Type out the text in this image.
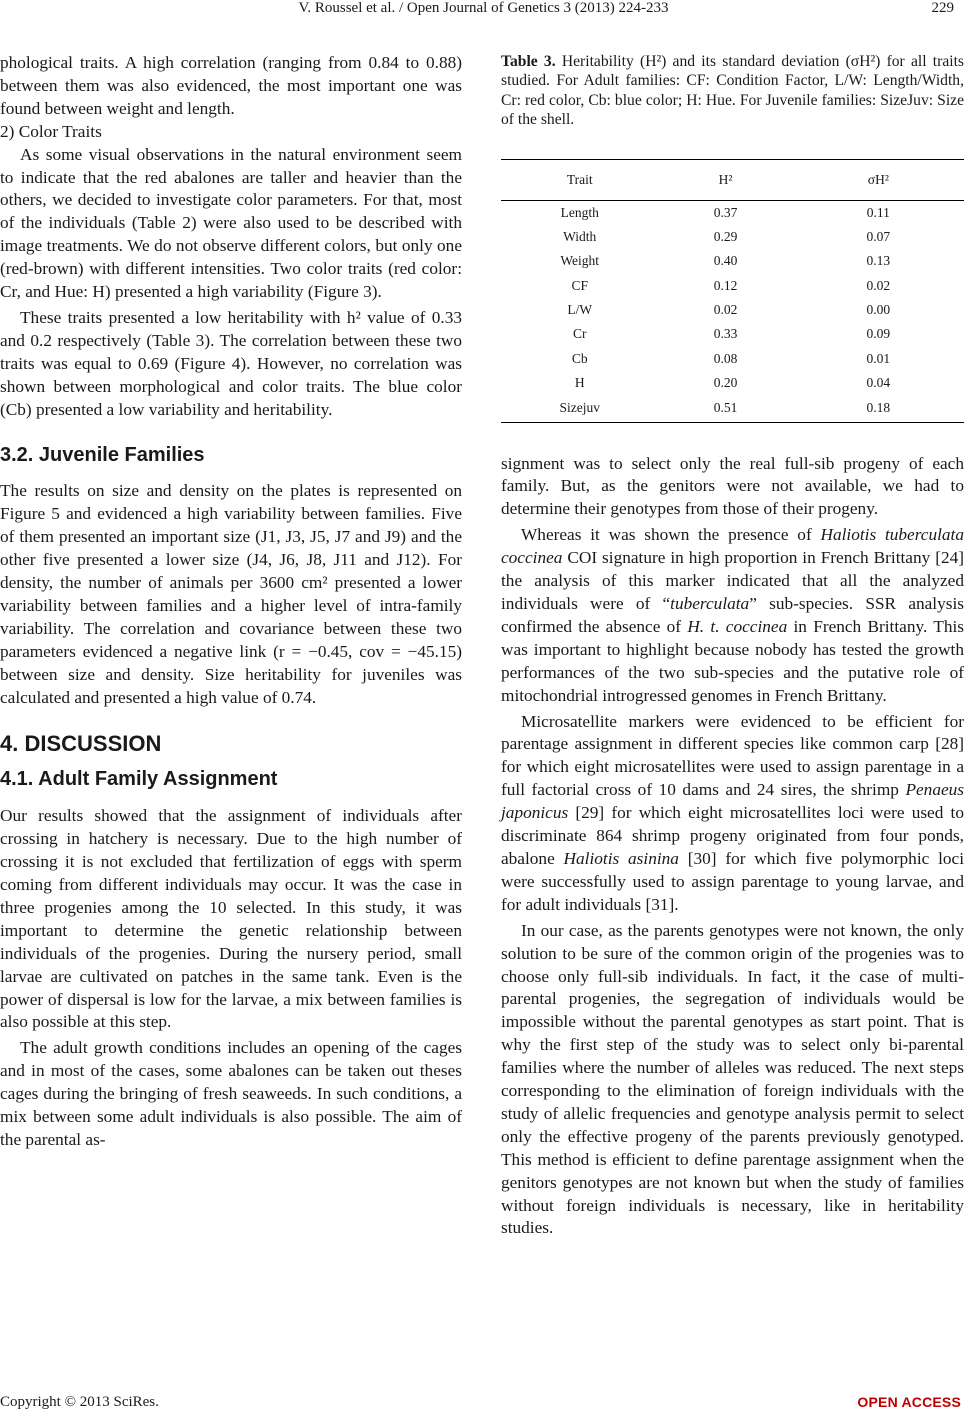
V. Roussel et al. / Open Journal of Genetics 3 (2013) 224-233	229

phological traits. A high correlation (ranging from 0.84 to 0.88) between them was also evidenced, the most important one was found between weight and length.

2) Color Traits

As some visual observations in the natural environment seem to indicate that the red abalones are taller and heavier than the others, we decided to investigate color parameters. For that, most of the individuals (Table 2) were also used to be described with image treatments. We do not observe different colors, but only one (red-brown) with different intensities. Two color traits (red color: Cr, and Hue: H) presented a high variability (Figure 3).

These traits presented a low heritability with h² value of 0.33 and 0.2 respectively (Table 3). The correlation between these two traits was equal to 0.69 (Figure 4). However, no correlation was shown between morphological and color traits. The blue color (Cb) presented a low variability and heritability.

3.2. Juvenile Families

The results on size and density on the plates is represented on Figure 5 and evidenced a high variability between families. Five of them presented an important size (J1, J3, J5, J7 and J9) and the other five presented a lower size (J4, J6, J8, J11 and J12). For density, the number of animals per 3600 cm² presented a lower variability between families and a higher level of intra-family variability. The correlation and covariance between these two parameters evidenced a negative link (r = −0.45, cov = −45.15) between size and density. Size heritability for juveniles was calculated and presented a high value of 0.74.

4. DISCUSSION
4.1. Adult Family Assignment

Our results showed that the assignment of individuals after crossing in hatchery is necessary. Due to the high number of crossing it is not excluded that fertilization of eggs with sperm coming from different individuals may occur. It was the case in three progenies among the 10 selected. In this study, it was important to determine the genetic relationship between individuals of the progenies. During the nursery period, small larvae are cultivated on patches in the same tank. Even is the power of dispersal is low for the larvae, a mix between families is also possible at this step.

The adult growth conditions includes an opening of the cages and in most of the cases, some abalones can be taken out theses cages during the bringing of fresh seaweeds. In such conditions, a mix between some adult individuals is also possible. The aim of the parental as-

Table 3. Heritability (H²) and its standard deviation (σH²) for all traits studied. For Adult families: CF: Condition Factor, L/W: Length/Width, Cr: red color, Cb: blue color; H: Hue. For Juvenile families: SizeJuv: Size of the shell.
Trait	H²	σH²
Length	0.37	0.11
Width	0.29	0.07
Weight	0.40	0.13
CF	0.12	0.02
L/W	0.02	0.00
Cr	0.33	0.09
Cb	0.08	0.01
H	0.20	0.04
Sizejuv	0.51	0.18

signment was to select only the real full-sib progeny of each family. But, as the genitors were not available, we had to determine their genotypes from those of their progeny.

Whereas it was shown the presence of Haliotis tuberculata coccinea COI signature in high proportion in French Brittany [24] the analysis of this marker indicated that all the analyzed individuals were of “tuberculata” sub-species. SSR analysis confirmed the absence of H. t. coccinea in French Brittany. This was important to highlight because nobody has tested the growth performances of the two sub-species and the putative role of mitochondrial introgressed genomes in French Brittany.

Microsatellite markers were evidenced to be efficient for parentage assignment in different species like common carp [28] for which eight microsatellites were used to assign parentage in a full factorial cross of 10 dams and 24 sires, the shrimp Penaeus japonicus [29] for which eight microsatellites loci were used to discriminate 864 shrimp progeny originated from four ponds, abalone Haliotis asinina [30] for which five polymorphic loci were successfully used to assign parentage to young larvae, and for adult individuals [31].

In our case, as the parents genotypes were not known, the only solution to be sure of the common origin of the progenies was to choose only full-sib individuals. In fact, it the case of multi-parental progenies, the segregation of individuals would be impossible without the parental genotypes as start point. That is why the first step of the study was to select only bi-parental families where the number of alleles was reduced. The next steps corresponding to the elimination of foreign individuals with the study of allelic frequencies and genotype analysis permit to select only the effective progeny of the parents previously genotyped. This method is efficient to define parentage assignment when the genitors genotypes are not known but when the study of families without foreign individuals is necessary, like in heritability studies.

Copyright © 2013 SciRes.	OPEN ACCESS
